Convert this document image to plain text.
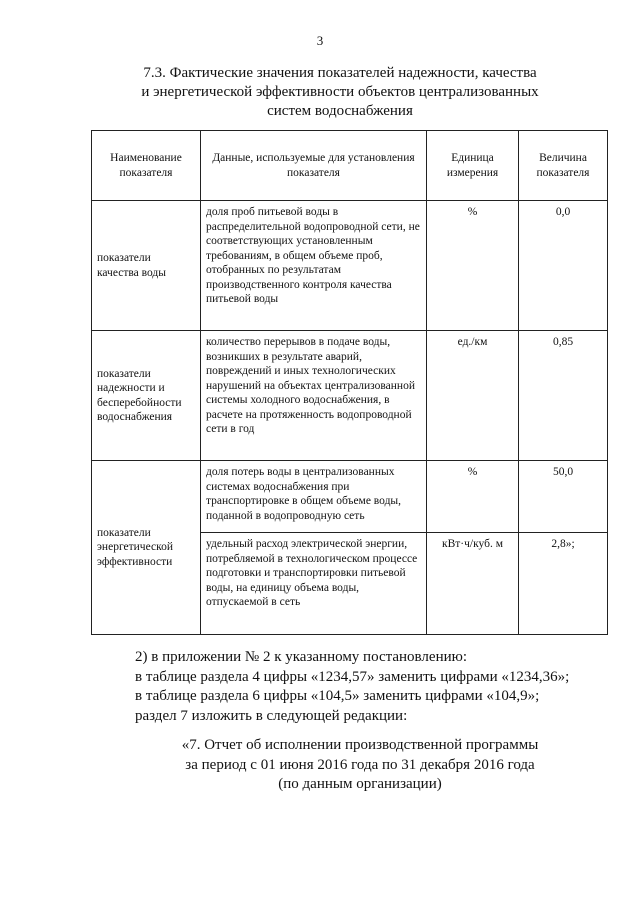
3
7.3. Фактические значения показателей надежности, качества
и энергетической эффективности объектов централизованных
систем водоснабжения
Наименование показателя	Данные, используемые для установления показателя	Единица измерения	Величина показателя
показатели качества воды	доля проб питьевой воды в распределительной водопроводной сети, не соответствующих установленным требованиям, в общем объеме проб, отобранных по результатам производственного контроля качества питьевой воды	%	0,0
показатели надежности и бесперебойности водоснабжения	количество перерывов в подаче воды, возникших в результате аварий, повреждений и иных технологических нарушений на объектах централизованной системы холодного водоснабжения, в расчете на протяженность водопроводной сети в год	ед./км	0,85
показатели энергетической эффективности	доля потерь воды в централизованных системах водоснабжения при транспортировке в общем объеме воды, поданной в водопроводную сеть	%	50,0
	удельный расход электрической энергии, потребляемой в технологическом процессе подготовки и транспортировки питьевой воды, на единицу объема воды, отпускаемой в сеть	кВт·ч/куб. м	2,8»;
2) в приложении № 2 к указанному постановлению:
в таблице раздела 4 цифры «1234,57» заменить цифрами «1234,36»;
в таблице раздела 6 цифры «104,5» заменить цифрами «104,9»;
раздел 7 изложить в следующей редакции:
«7. Отчет об исполнении производственной программы
за период с 01 июня 2016 года по 31 декабря 2016 года
(по данным организации)
